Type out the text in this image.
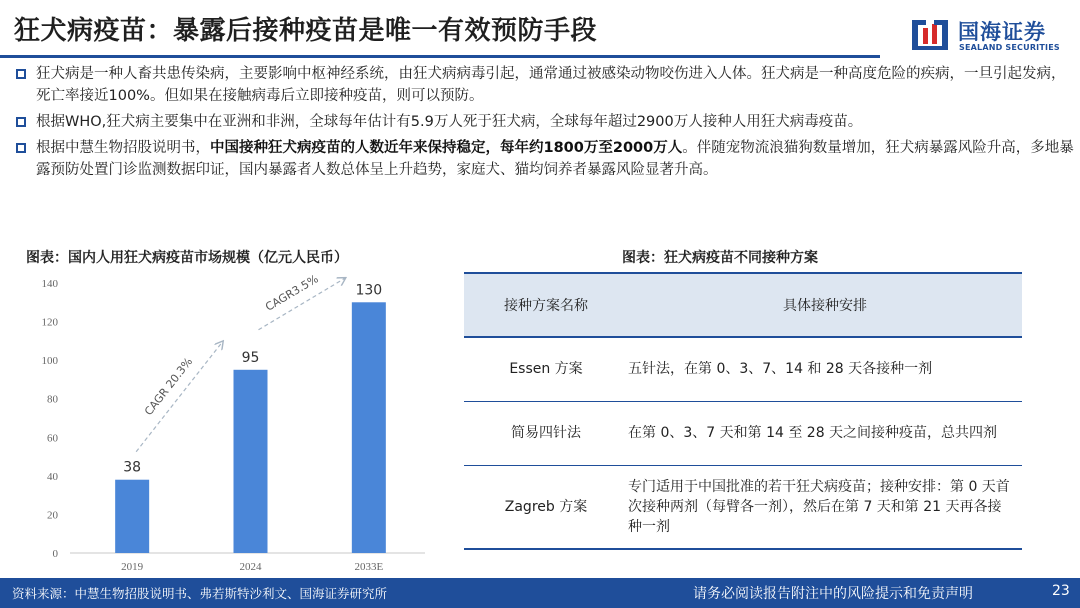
狂犬病疫苗：暴露后接种疫苗是唯一有效预防手段	国海证券
SEALAND SECURITIES
狂犬病是一种人畜共患传染病，主要影响中枢神经系统，由狂犬病病毒引起，通常通过被感染动物咬伤进入人体。狂犬病是一种高度危险的疾病，一旦引起发病，死亡率接近100%。但如果在接触病毒后立即接种疫苗，则可以预防。
根据WHO,狂犬病主要集中在亚洲和非洲，全球每年估计有5.9万人死于狂犬病，全球每年超过2900万人接种人用狂犬病毒疫苗。
根据中慧生物招股说明书，中国接种狂犬病疫苗的人数近年来保持稳定，每年约1800万至2000万人。伴随宠物流浪猫狗数量增加，狂犬病暴露风险升高，多地暴露预防处置门诊监测数据印证，国内暴露者人数总体呈上升趋势，家庭犬、猫均饲养者暴露风险显著升高。
图表：国内人用狂犬病疫苗市场规模（亿元人民币）
0
20
40
60
80
100
120
140
38
2019
95
2024
130
2033E
CAGR 20.3%
CAGR3.5%
图表：狂犬病疫苗不同接种方案
接种方案名称	具体接种安排
Essen 方案	五针法，在第 0、3、7、14 和 28 天各接种一剂
简易四针法	在第 0、3、7 天和第 14 至 28 天之间接种疫苗，总共四剂
Zagreb 方案	专门适用于中国批准的若干狂犬病疫苗；接种安排：第 0 天首次接种两剂（每臂各一剂），然后在第 7 天和第 21 天再各接种一剂
资料来源：中慧生物招股说明书、弗若斯特沙利文、国海证券研究所	请务必阅读报告附注中的风险提示和免责声明	23
